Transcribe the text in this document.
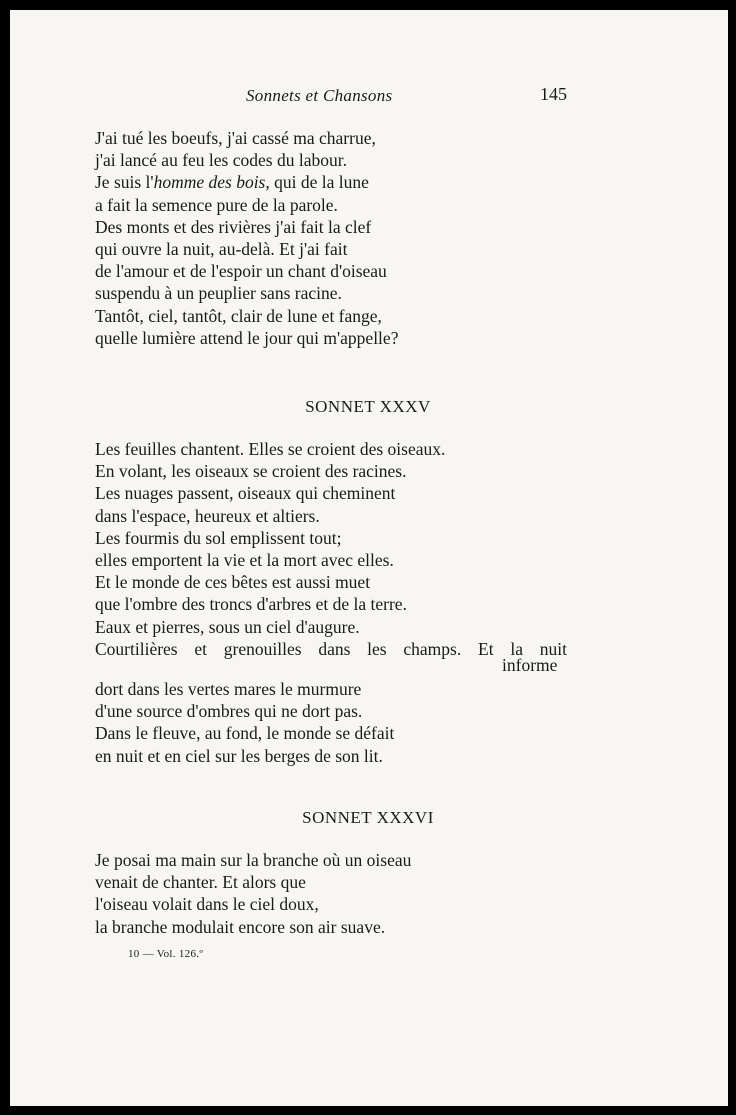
Sonnets et Chansons	145
J'ai tué les boeufs, j'ai cassé ma charrue,
j'ai lancé au feu les codes du labour.
Je suis l'homme des bois, qui de la lune
a fait la semence pure de la parole.
Des monts et des rivières j'ai fait la clef
qui ouvre la nuit, au-delà. Et j'ai fait
de l'amour et de l'espoir un chant d'oiseau
suspendu à un peuplier sans racine.
Tantôt, ciel, tantôt, clair de lune et fange,
quelle lumière attend le jour qui m'appelle?
SONNET XXXV
Les feuilles chantent. Elles se croient des oiseaux.
En volant, les oiseaux se croient des racines.
Les nuages passent, oiseaux qui cheminent
dans l'espace, heureux et altiers.
Les fourmis du sol emplissent tout;
elles emportent la vie et la mort avec elles.
Et le monde de ces bêtes est aussi muet
que l'ombre des troncs d'arbres et de la terre.
Eaux et pierres, sous un ciel d'augure.
Courtilières et grenouilles dans les champs. Et la nuit
informe
dort dans les vertes mares le murmure
d'une source d'ombres qui ne dort pas.
Dans le fleuve, au fond, le monde se défait
en nuit et en ciel sur les berges de son lit.
SONNET XXXVI
Je posai ma main sur la branche où un oiseau
venait de chanter. Et alors que
l'oiseau volait dans le ciel doux,
la branche modulait encore son air suave.
10 — Vol. 126.º
